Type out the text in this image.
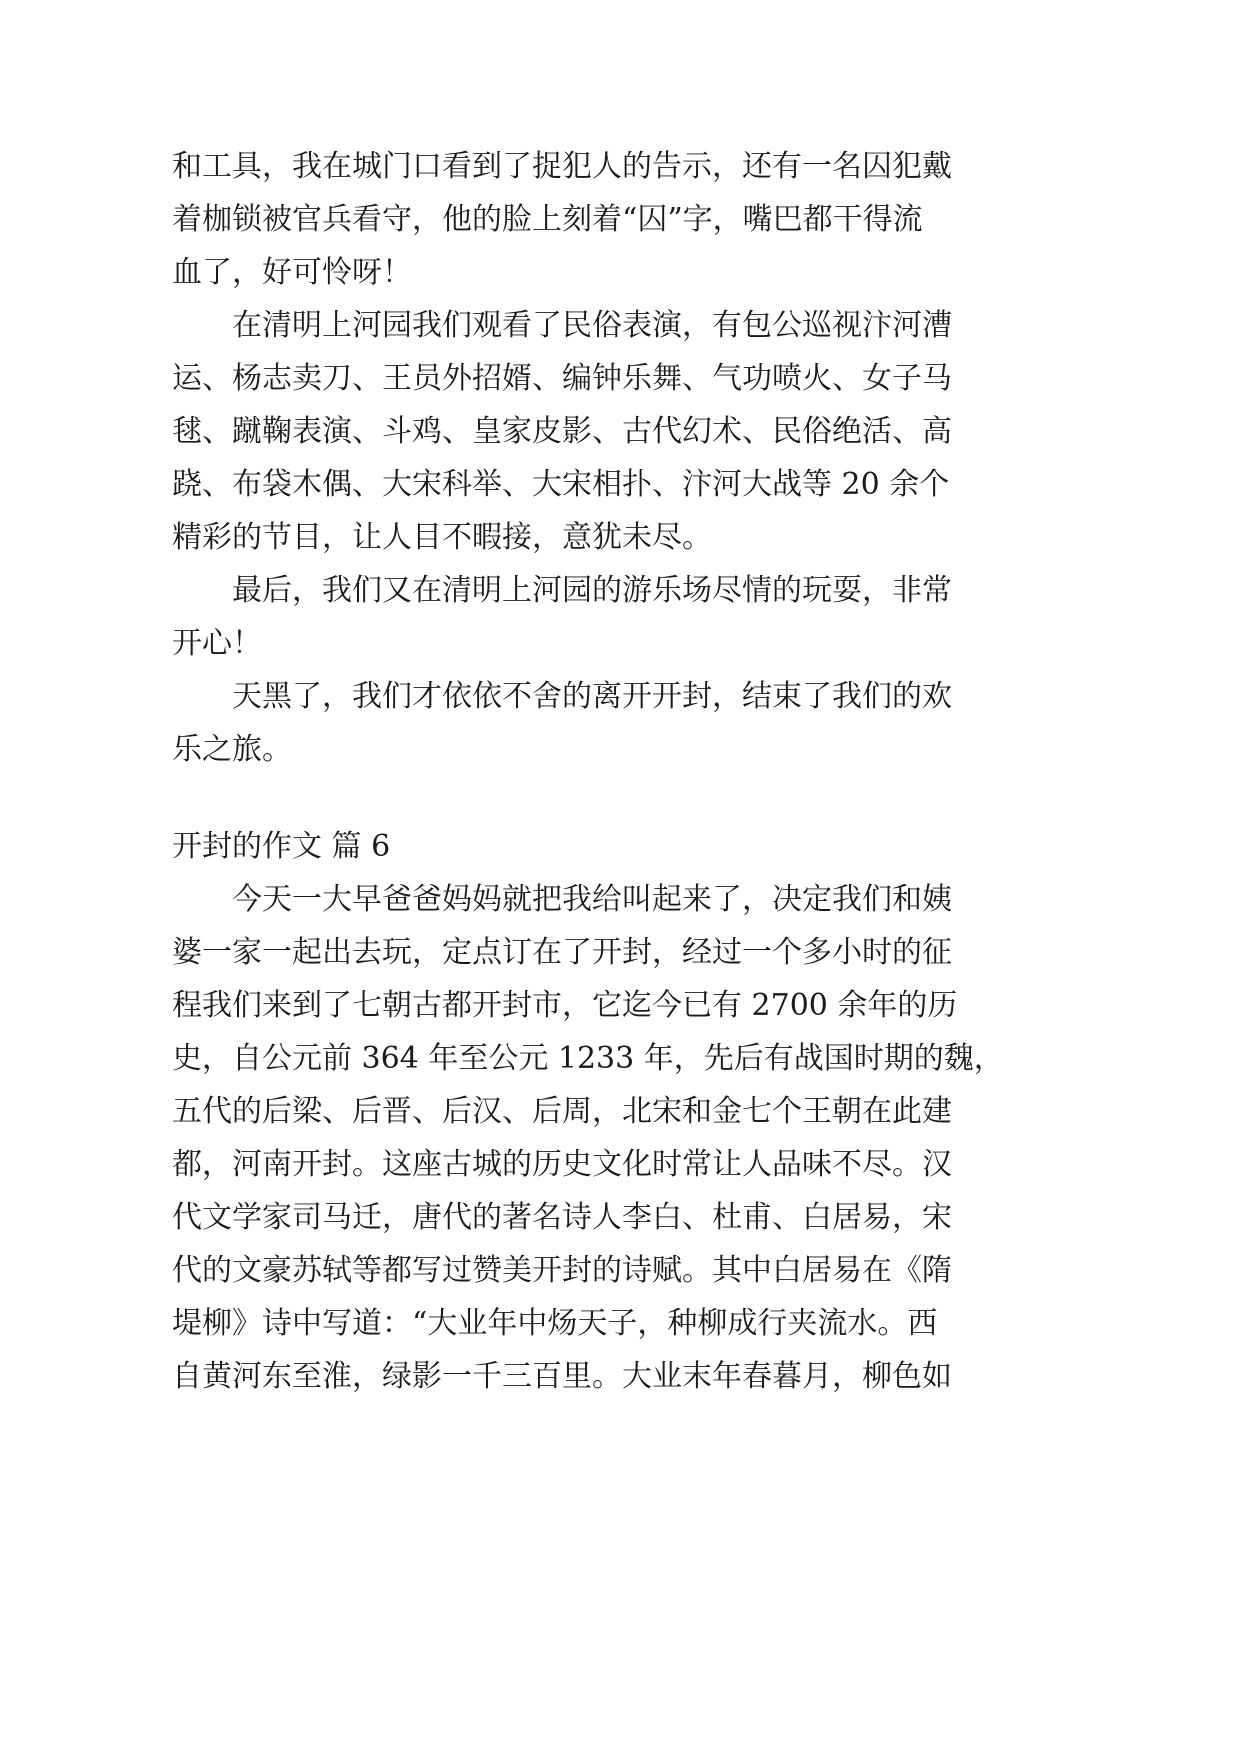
和工具，我在城门口看到了捉犯人的告示，还有一名囚犯戴
着枷锁被官兵看守，他的脸上刻着“囚”字，嘴巴都干得流
血了，好可怜呀！
在清明上河园我们观看了民俗表演，有包公巡视汴河漕
运、杨志卖刀、王员外招婿、编钟乐舞、气功喷火、女子马
毬、蹴鞠表演、斗鸡、皇家皮影、古代幻术、民俗绝活、高
跷、布袋木偶、大宋科举、大宋相扑、汴河大战等 20 余个
精彩的节目，让人目不暇接，意犹未尽。
最后，我们又在清明上河园的游乐场尽情的玩耍，非常
开心！
天黑了，我们才依依不舍的离开开封，结束了我们的欢
乐之旅。
开封的作文 篇 6
今天一大早爸爸妈妈就把我给叫起来了，决定我们和姨
婆一家一起出去玩，定点订在了开封，经过一个多小时的征
程我们来到了七朝古都开封市，它迄今已有 2700 余年的历
史，自公元前 364 年至公元 1233 年，先后有战国时期的魏，
五代的后梁、后晋、后汉、后周，北宋和金七个王朝在此建
都，河南开封。这座古城的历史文化时常让人品味不尽。汉
代文学家司马迁，唐代的著名诗人李白、杜甫、白居易，宋
代的文豪苏轼等都写过赞美开封的诗赋。其中白居易在《隋
堤柳》诗中写道：“大业年中炀天子，种柳成行夹流水。西
自黄河东至淮，绿影一千三百里。大业末年春暮月，柳色如
